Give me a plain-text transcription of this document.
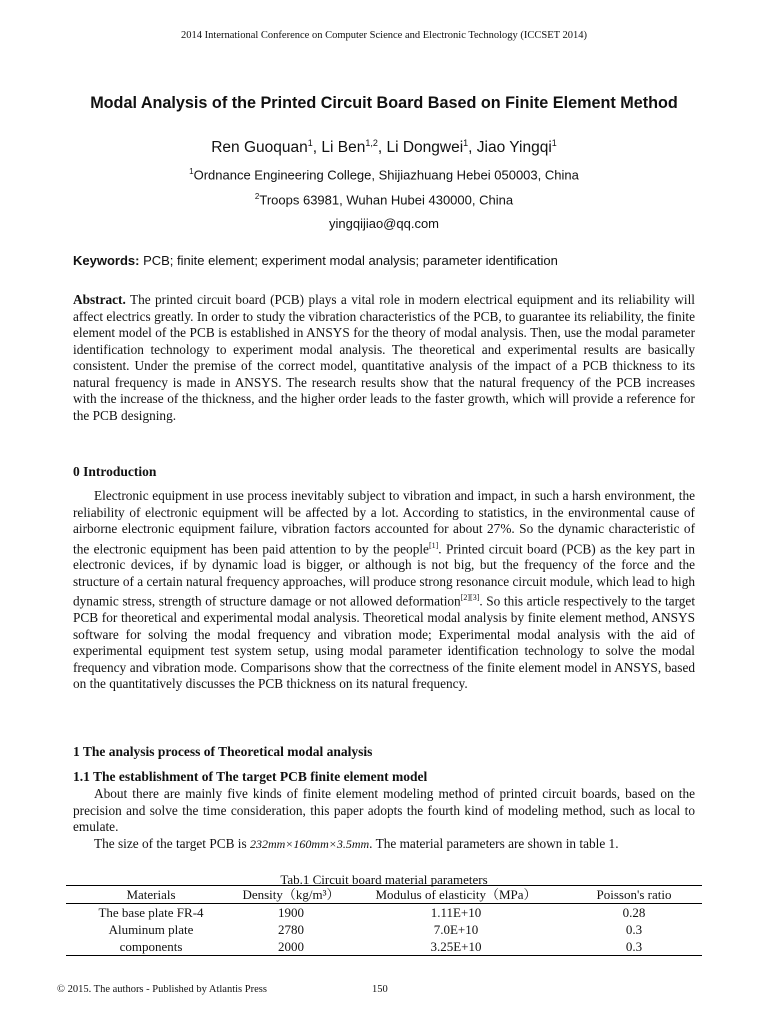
2014 International Conference on Computer Science and Electronic Technology (ICCSET 2014)
Modal Analysis of the Printed Circuit Board Based on Finite Element Method
Ren Guoquan$^1$, Li Ben$^{1,2}$, Li Dongwei$^1$, Jiao Yingqi$^1$
$^1$Ordnance Engineering College, Shijiazhuang Hebei 050003, China
$^2$Troops 63981, Wuhan Hubei 430000, China
yingqijiao@qq.com
Keywords: PCB; finite element; experiment modal analysis; parameter identification

Abstract. The printed circuit board (PCB) plays a vital role in modern electrical equipment and its reliability will affect electrics greatly. In order to study the vibration characteristics of the PCB, to guarantee its reliability, the finite element model of the PCB is established in ANSYS for the theory of modal analysis. Then, use the modal parameter identification technology to experiment modal analysis. The theoretical and experimental results are basically consistent. Under the premise of the correct model, quantitative analysis of the impact of a PCB thickness to its natural frequency is made in ANSYS. The research results show that the natural frequency of the PCB increases with the increase of the thickness, and the higher order leads to the faster growth, which will provide a reference for the PCB designing.

0 Introduction

Electronic equipment in use process inevitably subject to vibration and impact, in such a harsh environment, the reliability of electronic equipment will be affected by a lot. According to statistics, in the environmental cause of airborne electronic equipment failure, vibration factors accounted for about 27%. So the dynamic characteristic of the electronic equipment has been paid attention to by the people[1]. Printed circuit board (PCB) as the key part in electronic devices, if by dynamic load is bigger, or although is not big, but the frequency of the force and the structure of a certain natural frequency approaches, will produce strong resonance circuit module, which lead to high dynamic stress, strength of structure damage or not allowed deformation[2][3]. So this article respectively to the target PCB for theoretical and experimental modal analysis. Theoretical modal analysis by finite element method, ANSYS software for solving the modal frequency and vibration mode; Experimental modal analysis with the aid of experimental equipment test system setup, using modal parameter identification technology to solve the modal frequency and vibration mode. Comparisons show that the correctness of the finite element model in ANSYS, based on the quantitatively discusses the PCB thickness on its natural frequency.

1 The analysis process of Theoretical modal analysis
1.1 The establishment of The target PCB finite element model

About there are mainly five kinds of finite element modeling method of printed circuit boards, based on the precision and solve the time consideration, this paper adopts the fourth kind of modeling method, such as local to emulate.

The size of the target PCB is 232mm×160mm×3.5mm. The material parameters are shown in table 1.

Tab.1 Circuit board material parameters
Materials	Density（kg/m³）	Modulus of elasticity（MPa）	Poisson's ratio
The base plate FR-4	1900	1.11E+10	0.28
Aluminum plate	2780	7.0E+10	0.3
components	2000	3.25E+10	0.3
© 2015. The authors - Published by Atlantis Press	150
